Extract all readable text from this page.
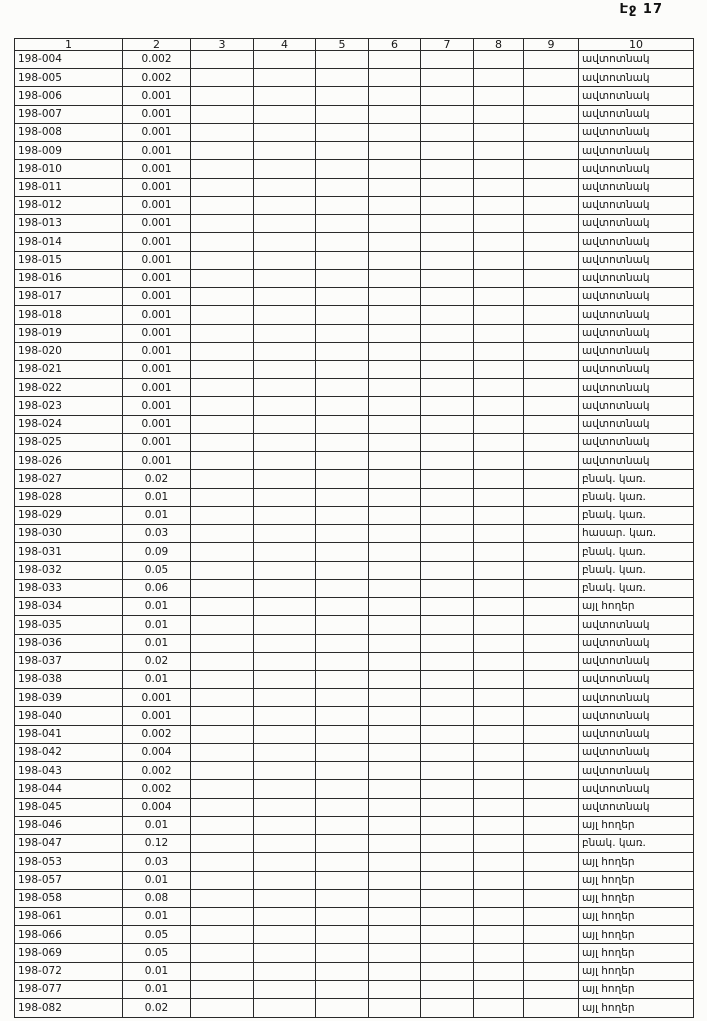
Էջ 17
1	2	3	4	5	6	7	8	9	10
198-004	0.002								ավտոտնակ
198-005	0.002								ավտոտնակ
198-006	0.001								ավտոտնակ
198-007	0.001								ավտոտնակ
198-008	0.001								ավտոտնակ
198-009	0.001								ավտոտնակ
198-010	0.001								ավտոտնակ
198-011	0.001								ավտոտնակ
198-012	0.001								ավտոտնակ
198-013	0.001								ավտոտնակ
198-014	0.001								ավտոտնակ
198-015	0.001								ավտոտնակ
198-016	0.001								ավտոտնակ
198-017	0.001								ավտոտնակ
198-018	0.001								ավտոտնակ
198-019	0.001								ավտոտնակ
198-020	0.001								ավտոտնակ
198-021	0.001								ավտոտնակ
198-022	0.001								ավտոտնակ
198-023	0.001								ավտոտնակ
198-024	0.001								ավտոտնակ
198-025	0.001								ավտոտնակ
198-026	0.001								ավտոտնակ
198-027	0.02								բնակ. կառ.
198-028	0.01								բնակ. կառ.
198-029	0.01								բնակ. կառ.
198-030	0.03								հասար. կառ.
198-031	0.09								բնակ. կառ.
198-032	0.05								բնակ. կառ.
198-033	0.06								բնակ. կառ.
198-034	0.01								այլ հողեր
198-035	0.01								ավտոտնակ
198-036	0.01								ավտոտնակ
198-037	0.02								ավտոտնակ
198-038	0.01								ավտոտնակ
198-039	0.001								ավտոտնակ
198-040	0.001								ավտոտնակ
198-041	0.002								ավտոտնակ
198-042	0.004								ավտոտնակ
198-043	0.002								ավտոտնակ
198-044	0.002								ավտոտնակ
198-045	0.004								ավտոտնակ
198-046	0.01								այլ հողեր
198-047	0.12								բնակ. կառ.
198-053	0.03								այլ հողեր
198-057	0.01								այլ հողեր
198-058	0.08								այլ հողեր
198-061	0.01								այլ հողեր
198-066	0.05								այլ հողեր
198-069	0.05								այլ հողեր
198-072	0.01								այլ հողեր
198-077	0.01								այլ հողեր
198-082	0.02								այլ հողեր
